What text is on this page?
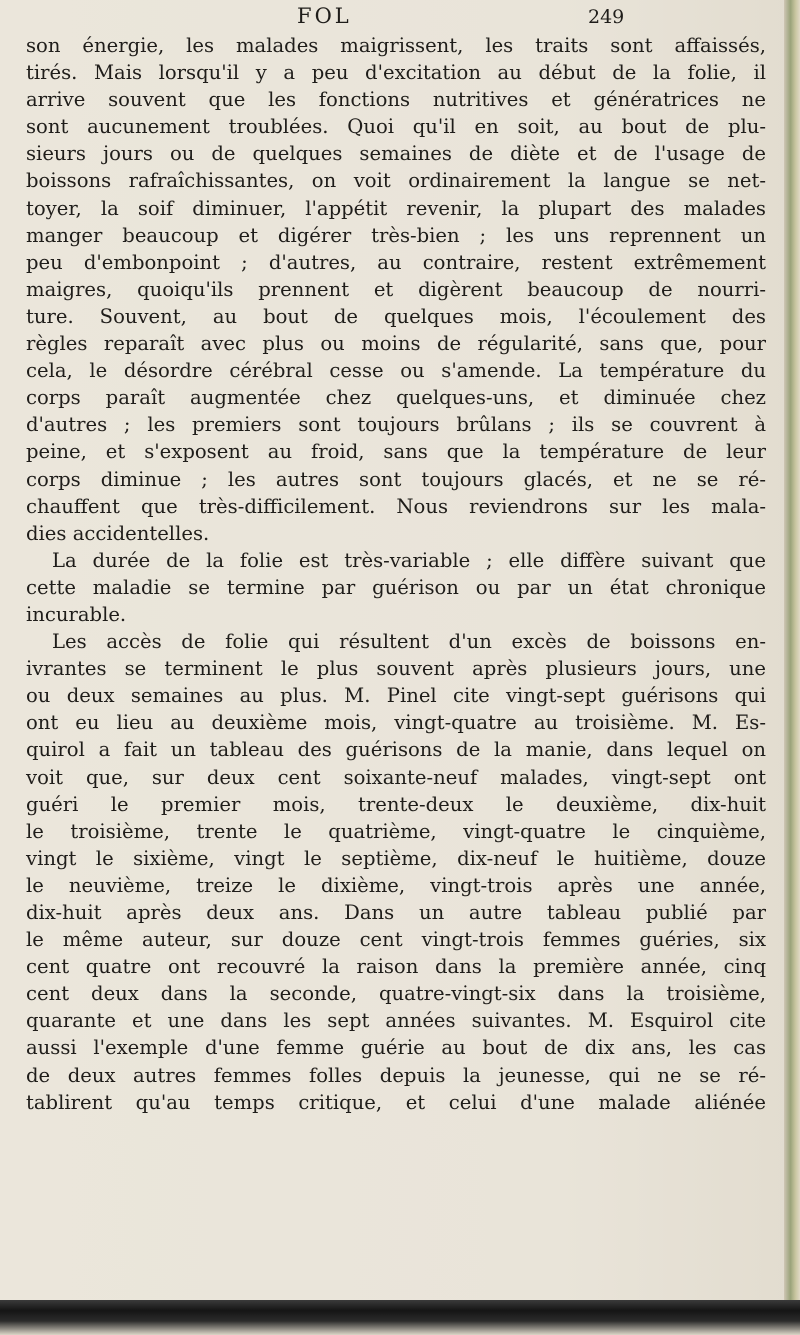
FOL	249
son énergie, les malades maigrissent, les traits sont affaissés,
tirés. Mais lorsqu'il y a peu d'excitation au début de la folie, il
arrive souvent que les fonctions nutritives et génératrices ne
sont aucunement troublées. Quoi qu'il en soit, au bout de plu-
sieurs jours ou de quelques semaines de diète et de l'usage de
boissons rafraîchissantes, on voit ordinairement la langue se net-
toyer, la soif diminuer, l'appétit revenir, la plupart des malades
manger beaucoup et digérer très-bien ; les uns reprennent un
peu d'embonpoint ; d'autres, au contraire, restent extrêmement
maigres, quoiqu'ils prennent et digèrent beaucoup de nourri-
ture. Souvent, au bout de quelques mois, l'écoulement des
règles reparaît avec plus ou moins de régularité, sans que, pour
cela, le désordre cérébral cesse ou s'amende. La température du
corps paraît augmentée chez quelques-uns, et diminuée chez
d'autres ; les premiers sont toujours brûlans ; ils se couvrent à
peine, et s'exposent au froid, sans que la température de leur
corps diminue ; les autres sont toujours glacés, et ne se ré-
chauffent que très-difficilement. Nous reviendrons sur les mala-
dies accidentelles.
La durée de la folie est très-variable ; elle diffère suivant que
cette maladie se termine par guérison ou par un état chronique
incurable.
Les accès de folie qui résultent d'un excès de boissons en-
ivrantes se terminent le plus souvent après plusieurs jours, une
ou deux semaines au plus. M. Pinel cite vingt-sept guérisons qui
ont eu lieu au deuxième mois, vingt-quatre au troisième. M. Es-
quirol a fait un tableau des guérisons de la manie, dans lequel on
voit que, sur deux cent soixante-neuf malades, vingt-sept ont
guéri le premier mois, trente-deux le deuxième, dix-huit
le troisième, trente le quatrième, vingt-quatre le cinquième,
vingt le sixième, vingt le septième, dix-neuf le huitième, douze
le neuvième, treize le dixième, vingt-trois après une année,
dix-huit après deux ans. Dans un autre tableau publié par
le même auteur, sur douze cent vingt-trois femmes guéries, six
cent quatre ont recouvré la raison dans la première année, cinq
cent deux dans la seconde, quatre-vingt-six dans la troisième,
quarante et une dans les sept années suivantes. M. Esquirol cite
aussi l'exemple d'une femme guérie au bout de dix ans, les cas
de deux autres femmes folles depuis la jeunesse, qui ne se ré-
tablirent qu'au temps critique, et celui d'une malade aliénée
